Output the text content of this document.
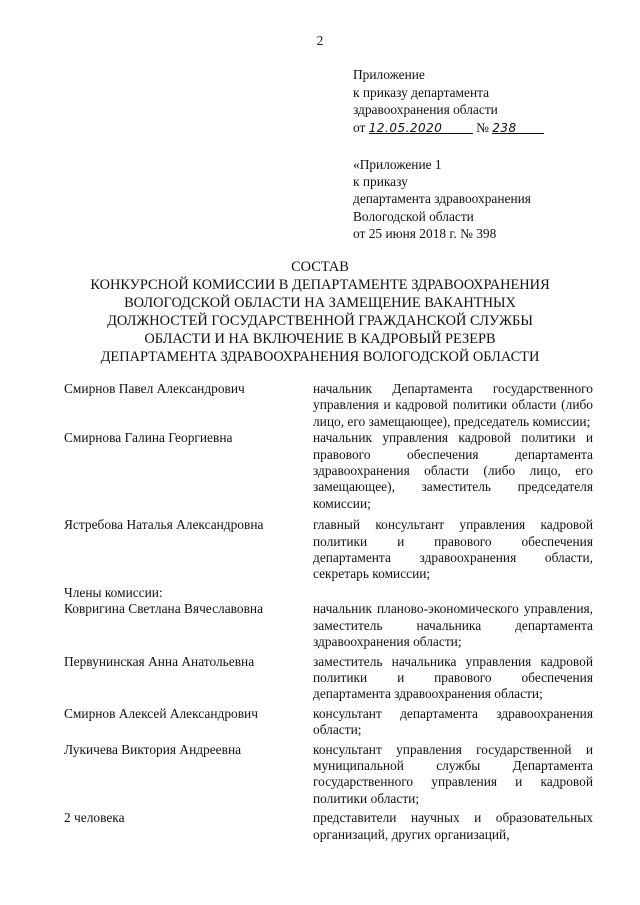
2
Приложение
к приказу департамента
здравоохранения области
от 12.05.2020	№ 238
«Приложение 1
к приказу
департамента здравоохранения
Вологодской области
от 25 июня 2018 г. № 398
СОСТАВ
КОНКУРСНОЙ КОМИССИИ В ДЕПАРТАМЕНТЕ ЗДРАВООХРАНЕНИЯ
ВОЛОГОДСКОЙ ОБЛАСТИ НА ЗАМЕЩЕНИЕ ВАКАНТНЫХ
ДОЛЖНОСТЕЙ ГОСУДАРСТВЕННОЙ ГРАЖДАНСКОЙ СЛУЖБЫ
ОБЛАСТИ И НА ВКЛЮЧЕНИЕ В КАДРОВЫЙ РЕЗЕРВ
ДЕПАРТАМЕНТА ЗДРАВООХРАНЕНИЯ ВОЛОГОДСКОЙ ОБЛАСТИ
Смирнов Павел Александрович	начальник Департамента государственного управления и кадровой политики области (либо лицо, его замещающее), председатель комиссии;
Смирнова Галина Георгиевна	начальник управления кадровой политики и правового обеспечения департамента здравоохранения области (либо лицо, его замещающее), заместитель председателя комиссии;
Ястребова Наталья Александровна	главный консультант управления кадровой политики и правового обеспечения департамента здравоохранения области, секретарь комиссии;
Члены комиссии:
Ковригина Светлана Вячеславовна	начальник планово-экономического управления, заместитель начальника департамента здравоохранения области;
Первунинская Анна Анатольевна	заместитель начальника управления кадровой политики и правового обеспечения департамента здравоохранения области;
Смирнов Алексей Александрович	консультант департамента здравоохранения области;
Лукичева Виктория Андреевна	консультант управления государственной и муниципальной службы Департамента государственного управления и кадровой политики области;
2 человека	представители научных и образовательных организаций, других организаций,
